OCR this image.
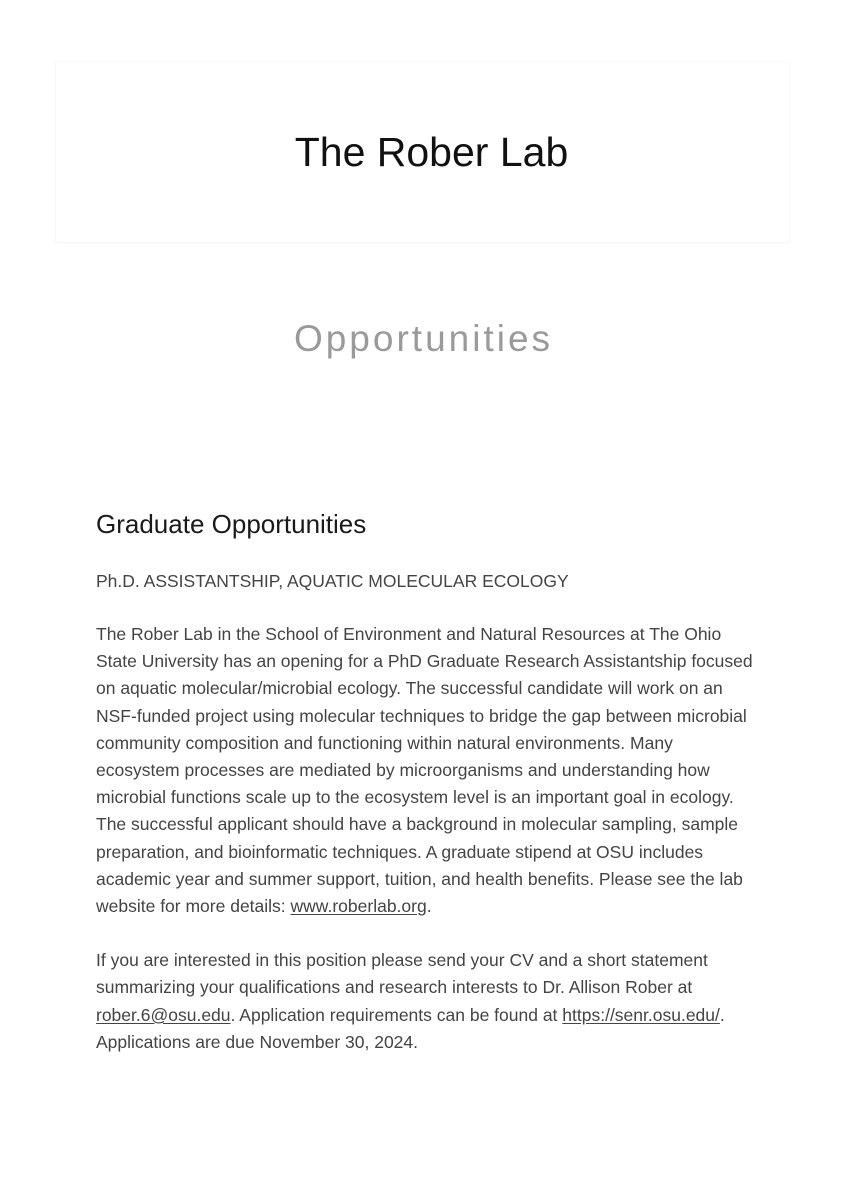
The Rober Lab
Opportunities
Graduate Opportunities

Ph.D. ASSISTANTSHIP, AQUATIC MOLECULAR ECOLOGY

The Rober Lab in the School of Environment and Natural Resources at The Ohio State University has an opening for a PhD Graduate Research Assistantship focused on aquatic molecular/microbial ecology. The successful candidate will work on an NSF-funded project using molecular techniques to bridge the gap between microbial community composition and functioning within natural environments. Many ecosystem processes are mediated by microorganisms and understanding how microbial functions scale up to the ecosystem level is an important goal in ecology. The successful applicant should have a background in molecular sampling, sample preparation, and bioinformatic techniques. A graduate stipend at OSU includes academic year and summer support, tuition, and health benefits. Please see the lab website for more details: www.roberlab.org.

If you are interested in this position please send your CV and a short statement summarizing your qualifications and research interests to Dr. Allison Rober at rober.6@osu.edu. Application requirements can be found at https://senr.osu.edu/. Applications are due November 30, 2024.
